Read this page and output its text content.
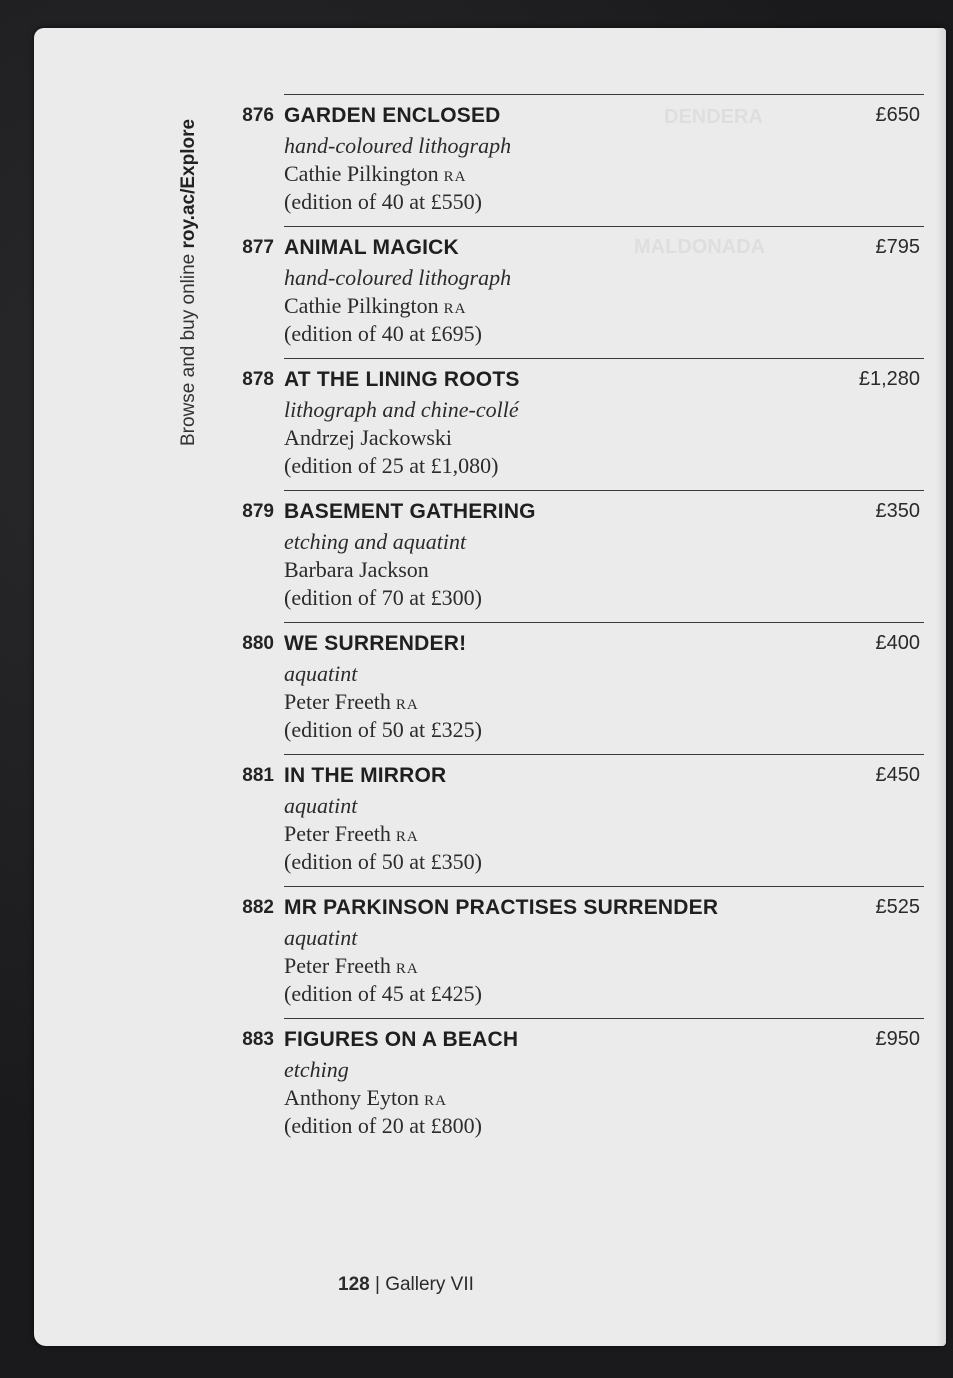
DENDERA
MALDONADA
Browse and buy online roy.ac/Explore
876 GARDEN ENCLOSED	£650
hand-coloured lithograph
Cathie Pilkington RA
(edition of 40 at £550)
877 ANIMAL MAGICK	£795
hand-coloured lithograph
Cathie Pilkington RA
(edition of 40 at £695)
878 AT THE LINING ROOTS	£1,280
lithograph and chine-collé
Andrzej Jackowski
(edition of 25 at £1,080)
879 BASEMENT GATHERING	£350
etching and aquatint
Barbara Jackson
(edition of 70 at £300)
880 WE SURRENDER!	£400
aquatint
Peter Freeth RA
(edition of 50 at £325)
881 IN THE MIRROR	£450
aquatint
Peter Freeth RA
(edition of 50 at £350)
882 MR PARKINSON PRACTISES SURRENDER	£525
aquatint
Peter Freeth RA
(edition of 45 at £425)
883 FIGURES ON A BEACH	£950
etching
Anthony Eyton RA
(edition of 20 at £800)
128 | Gallery VII
